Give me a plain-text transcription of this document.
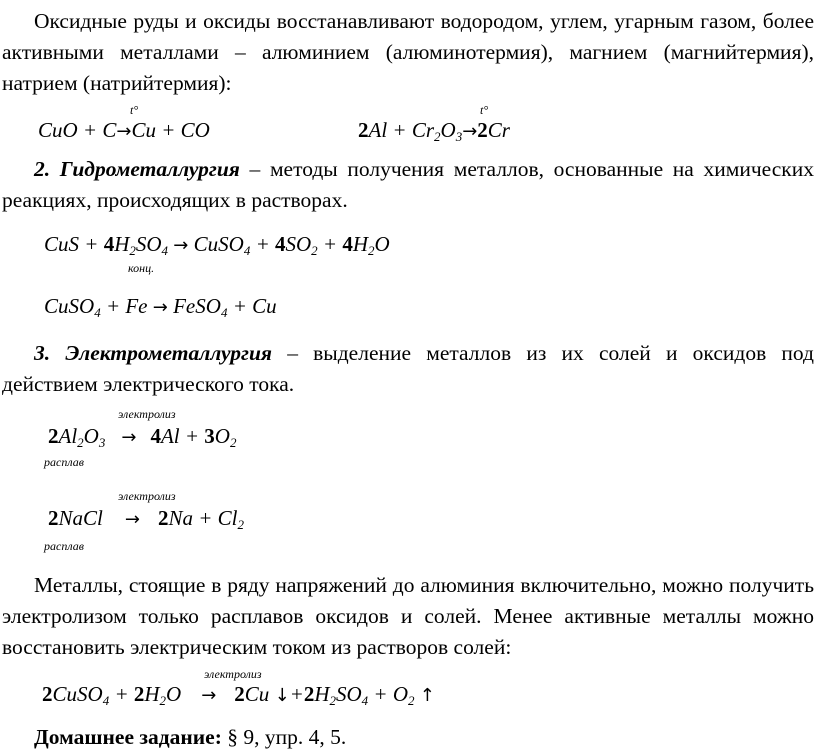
Оксидные руды и оксиды восстанавливают водородом, углем, угарным газом, более активными металлами – алюминием (алюминотермия), магнием (магнийтермия), натрием (натрийтермия):
t°
CuO + C→Cu + CO
t°
$2Al + Cr_2O_3\to 2Cr$
2. Гидрометаллургия – методы получения металлов, основанные на химических реакциях, происходящих в растворах.
CuS + $4H_2SO_4$ → CuSO$_4$ + $4SO_2 + 4H_2O$
конц.
CuSO$_4$ + Fe → FeSO$_4$ + Cu
3. Электрометаллургия – выделение металлов из их солей и оксидов под действием электрического тока.
электролиз
$2Al_2O_3 \to 4Al + 3O_2$
расплав
электролиз
2NaCl → $2Na + Cl_2$
расплав
Металлы, стоящие в ряду напряжений до алюминия включительно, можно получить электролизом только расплавов оксидов и солей. Менее активные металлы можно восстановить электрическим током из растворов солей:
электролиз
2CuSO$_4$ + $2H_2O \to 2Cu$ $↓+2H_2SO_4 + O_2$ ↑
Домашнее задание: § 9, упр. 4, 5.
